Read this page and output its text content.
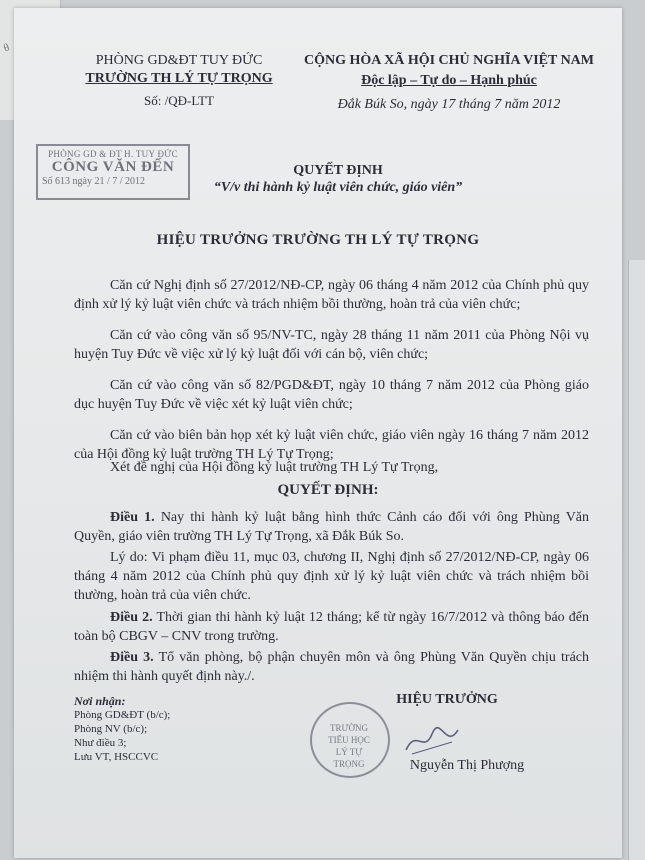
θ
PHÒNG GD&ĐT TUY ĐỨC
TRƯỜNG TH LÝ TỰ TRỌNG
Số: /QĐ-LTT
CỘNG HÒA XÃ HỘI CHỦ NGHĨA VIỆT NAM
Độc lập – Tự do – Hạnh phúc
Đắk Búk So, ngày 17 tháng 7 năm 2012
PHÒNG GD & ĐT H. TUY ĐỨC
CÔNG VĂN ĐẾN
Số 613 ngày 21 / 7 / 2012
QUYẾT ĐỊNH
“V/v thi hành kỷ luật viên chức, giáo viên”
HIỆU TRƯỞNG TRƯỜNG TH LÝ TỰ TRỌNG
Căn cứ Nghị định số 27/2012/NĐ-CP, ngày 06 tháng 4 năm 2012 của Chính phủ quy định xử lý kỷ luật viên chức và trách nhiệm bồi thường, hoàn trả của viên chức;
Căn cứ vào công văn số 95/NV-TC, ngày 28 tháng 11 năm 2011 của Phòng Nội vụ huyện Tuy Đức về việc xử lý kỷ luật đối với cán bộ, viên chức;
Căn cứ vào công văn số 82/PGD&ĐT, ngày 10 tháng 7 năm 2012 của Phòng giáo dục huyện Tuy Đức về việc xét kỷ luật viên chức;
Căn cứ vào biên bản họp xét kỷ luật viên chức, giáo viên ngày 16 tháng 7 năm 2012 của Hội đồng kỷ luật trường TH Lý Tự Trọng;
Xét đề nghị của Hội đồng kỷ luật trường TH Lý Tự Trọng,
QUYẾT ĐỊNH:
Điều 1. Nay thi hành kỷ luật bằng hình thức Cảnh cáo đối với ông Phùng Văn Quyền, giáo viên trường TH Lý Tự Trọng, xã Đắk Búk So.
Lý do: Vi phạm điều 11, mục 03, chương II, Nghị định số 27/2012/NĐ-CP, ngày 06 tháng 4 năm 2012 của Chính phủ quy định xử lý kỷ luật viên chức và trách nhiệm bồi thường, hoàn trả của viên chức.
Điều 2. Thời gian thi hành kỷ luật 12 tháng; kể từ ngày 16/7/2012 và thông báo đến toàn bộ CBGV – CNV trong trường.
Điều 3. Tổ văn phòng, bộ phận chuyên môn và ông Phùng Văn Quyền chịu trách nhiệm thi hành quyết định này./.
Nơi nhận:
Phòng GD&ĐT (b/c);
Phòng NV (b/c);
Như điều 3;
Lưu VT, HSCCVC
HIỆU TRƯỞNG
TRƯỜNG TIỂU HỌC LÝ TỰ TRỌNG	Nguyễn Thị Phượng
